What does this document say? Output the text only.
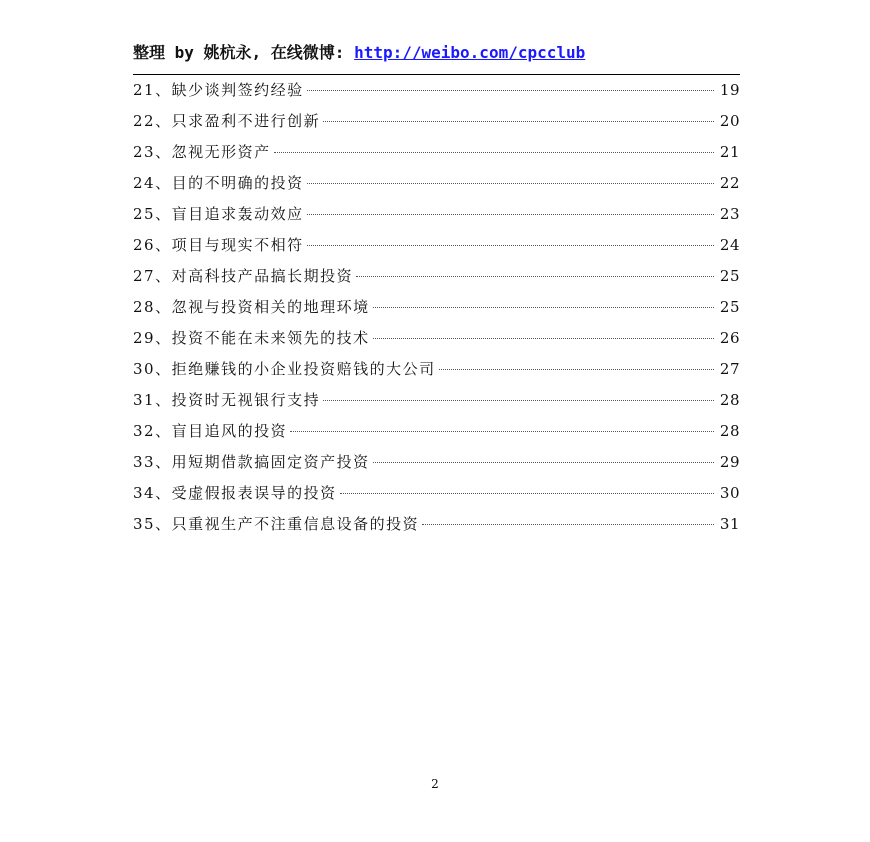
整理 by 姚杭永, 在线微博: http://weibo.com/cpcclub
21、 缺少谈判签约经验	19
22、 只求盈利不进行创新	20
23、 忽视无形资产	21
24、 目的不明确的投资	22
25、 盲目追求轰动效应	23
26、 项目与现实不相符	24
27、 对高科技产品搞长期投资	25
28、 忽视与投资相关的地理环境	25
29、 投资不能在未来领先的技术	26
30、 拒绝赚钱的小企业投资赔钱的大公司	27
31、 投资时无视银行支持	28
32、 盲目追风的投资	28
33、 用短期借款搞固定资产投资	29
34、 受虚假报表误导的投资	30
35、 只重视生产不注重信息设备的投资	31
2
